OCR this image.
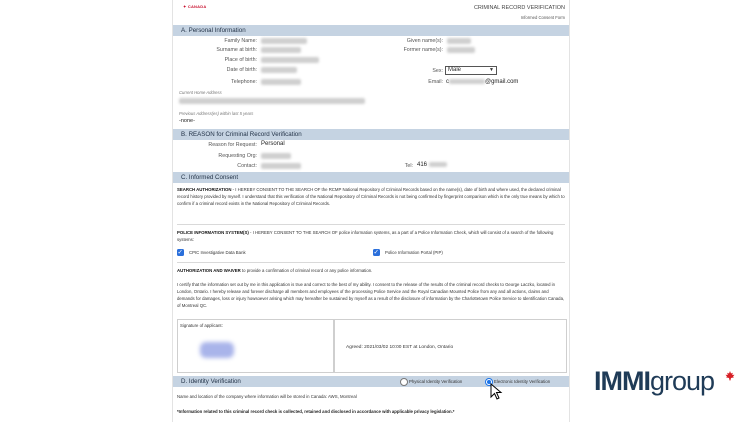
✦ CANADA	CRIMINAL RECORD VERIFICATION
Informed Consent Form
A. Personal Information
Family Name:
Surname at birth:
Place of birth:
Date of birth:
Telephone:
Given name(s):
Former name(s):
Sex: Male	▼
Email: c	@gmail.com
Current Home Address
Previous Address(es) within last 5 years
-none-
B. REASON for Criminal Record Verification
Reason for Request: Personal
Requesting Org:
Contact:	Tel: 416
C. Informed Consent
SEARCH AUTHORIZATION - I HEREBY CONSENT TO THE SEARCH OF the RCMP National Repository of Criminal Records based on the name(s), date of birth and where used, the declared criminal record history provided by myself. I understand that this verification of the National Repository of Criminal Records is not being confirmed by fingerprint comparison which is the only true means by which to confirm if a criminal record exists in the National Repository of Criminal Records.
POLICE INFORMATION SYSTEM(S) - I HEREBY CONSENT TO THE SEARCH OF police information systems, as a part of a Police Information Check, which will consist of a search of the following systems:
✓
CPIC Investigative Data Bank
✓	Police Information Portal (PIP)
AUTHORIZATION AND WAIVER to provide a confirmation of criminal record or any police information.
I certify that the information set out by me in this application is true and correct to the best of my ability. I consent to the release of the results of the criminal record checks to George Laczko, located in London, Ontario. I hereby release and forever discharge all members and employees of the processing Police Service and the Royal Canadian Mounted Police from any and all actions, claims and demands for damages, loss or injury howsoever arising which may hereafter be sustained by myself as a result of the disclosure of information by the Charlottetown Police Service to Identification Canada, of Montreal QC.
Signature of applicant:
Agreed: 2021/03/02 10:00 EST at London, Ontario
D. Identity Verification	Physical Identity Verification	Electronic Identity Verification
Name and location of the company where information will be stored in Canada: AWS, Montreal
*Information related to this criminal record check is collected, retained and disclosed in accordance with applicable privacy legislation.*
IMMIgroup
